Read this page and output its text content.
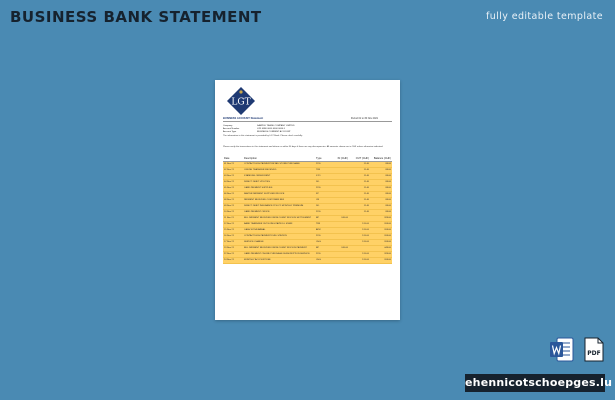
BUSINESS BANK STATEMENT	fully editable template
LGT
BUSINESS ACCOUNT Statement	Period 01 to 30 Nov 2021
Company	SAMPLE TRADE COMPANY LIMITED
Account Number	LI23 0880 0000 0000 0000 0
Account Type	BUSINESS CURRENT ACCOUNT
The information in this statement is provided by LGT Bank. Please check carefully.
Please verify the transactions in this statement and inform us within 30 days if there are any discrepancies. All amounts shown are in CHF unless otherwise indicated.
Date	Description	Type	IN (CHF)	OUT (CHF)	Balance (CHF)
01 Nov 21	CONTACTLESS PAYMENT RETAIL STORE PURCHASE	POS		11.40	88.60
02 Nov 21	ONLINE TRANSFER RECEIVED	TFR		11.40	88.60
03 Nov 21	STANDING ORDER RENT	STO		11.40	88.60
04 Nov 21	DIRECT DEBIT UTILITIES	DD		11.40	88.60
05 Nov 21	CARD PAYMENT SUPPLIES	POS		11.40	88.60
06 Nov 21	FASTER PAYMENT SUPPLIER INVOICE	FP		11.40	88.60
08 Nov 21	PAYMENT RECEIVED CUSTOMER REF	CR		11.40	88.60
09 Nov 21	DIRECT DEBIT INSURANCE POLICY MONTHLY PREMIUM	DD		11.40	88.60
10 Nov 21	CARD PAYMENT OFFICE	POS		11.40	88.60
11 Nov 21	BILL PAYMENT RECEIVED FROM CLIENT INVOICE SETTLEMENT	BP	240.00		328.60
12 Nov 21	BANK TRANSFER OUTGOING PAYROLL STAFF	TFR		120.00	208.60
15 Nov 21	CASH WITHDRAWAL	ATM		120.00	208.60
16 Nov 21	CONTACTLESS PAYMENT FUEL STATION	POS		120.00	208.60
17 Nov 21	SERVICE CHARGE	CHG		120.00	208.60
19 Nov 21	BILL PAYMENT RECEIVED FROM CLIENT INVOICE PAYMENT	BP	240.00		448.60
22 Nov 21	CARD PAYMENT ONLINE PURCHASE SUBSCRIPTION SERVICE	POS		120.00	328.60
24 Nov 21	MONTHLY ACCOUNT FEE	CHG		120.00	208.60
PDF
ehennicotschoepges.lu
